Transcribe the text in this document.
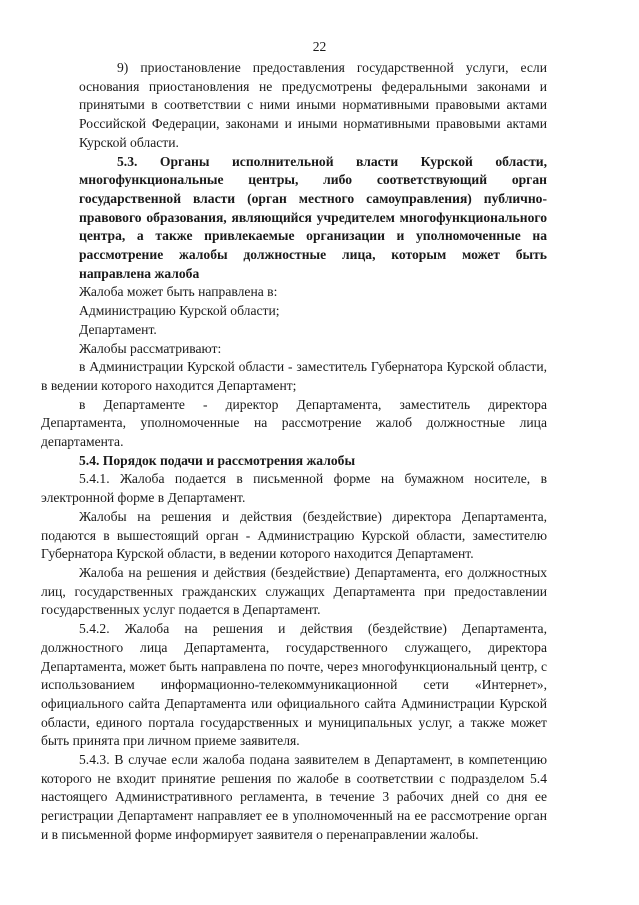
22

9) приостановление предоставления государственной услуги, если основания приостановления не предусмотрены федеральными законами и принятыми в соответствии с ними иными нормативными правовыми актами Российской Федерации, законами и иными нормативными правовыми актами Курской области.

5.3. Органы исполнительной власти Курской области, многофункциональные центры, либо соответствующий орган государственной власти (орган местного самоуправления) публично-правового образования, являющийся учредителем многофункционального центра, а также привлекаемые организации и уполномоченные на рассмотрение жалобы должностные лица, которым может быть направлена жалоба

Жалоба может быть направлена в:

Администрацию Курской области;

Департамент.

Жалобы рассматривают:

в Администрации Курской области - заместитель Губернатора Курской области, в ведении которого находится Департамент;

в Департаменте - директор Департамента, заместитель директора Департамента, уполномоченные на рассмотрение жалоб должностные лица департамента.

5.4. Порядок подачи и рассмотрения жалобы

5.4.1. Жалоба подается в письменной форме на бумажном носителе, в электронной форме в Департамент.

Жалобы на решения и действия (бездействие) директора Департамента, подаются в вышестоящий орган - Администрацию Курской области, заместителю Губернатора Курской области, в ведении которого находится Департамент.

Жалоба на решения и действия (бездействие) Департамента, его должностных лиц, государственных гражданских служащих Департамента при предоставлении государственных услуг подается в Департамент.

5.4.2. Жалоба на решения и действия (бездействие) Департамента, должностного лица Департамента, государственного служащего, директора Департамента, может быть направлена по почте, через многофункциональный центр, с использованием информационно-телекоммуникационной сети «Интернет», официального сайта Департамента или официального сайта Администрации Курской области, единого портала государственных и муниципальных услуг, а также может быть принята при личном приеме заявителя.

5.4.3. В случае если жалоба подана заявителем в Департамент, в компетенцию которого не входит принятие решения по жалобе в соответствии с подразделом 5.4 настоящего Административного регламента, в течение 3 рабочих дней со дня ее регистрации Департамент направляет ее в уполномоченный на ее рассмотрение орган и в письменной форме информирует заявителя о перенаправлении жалобы.
